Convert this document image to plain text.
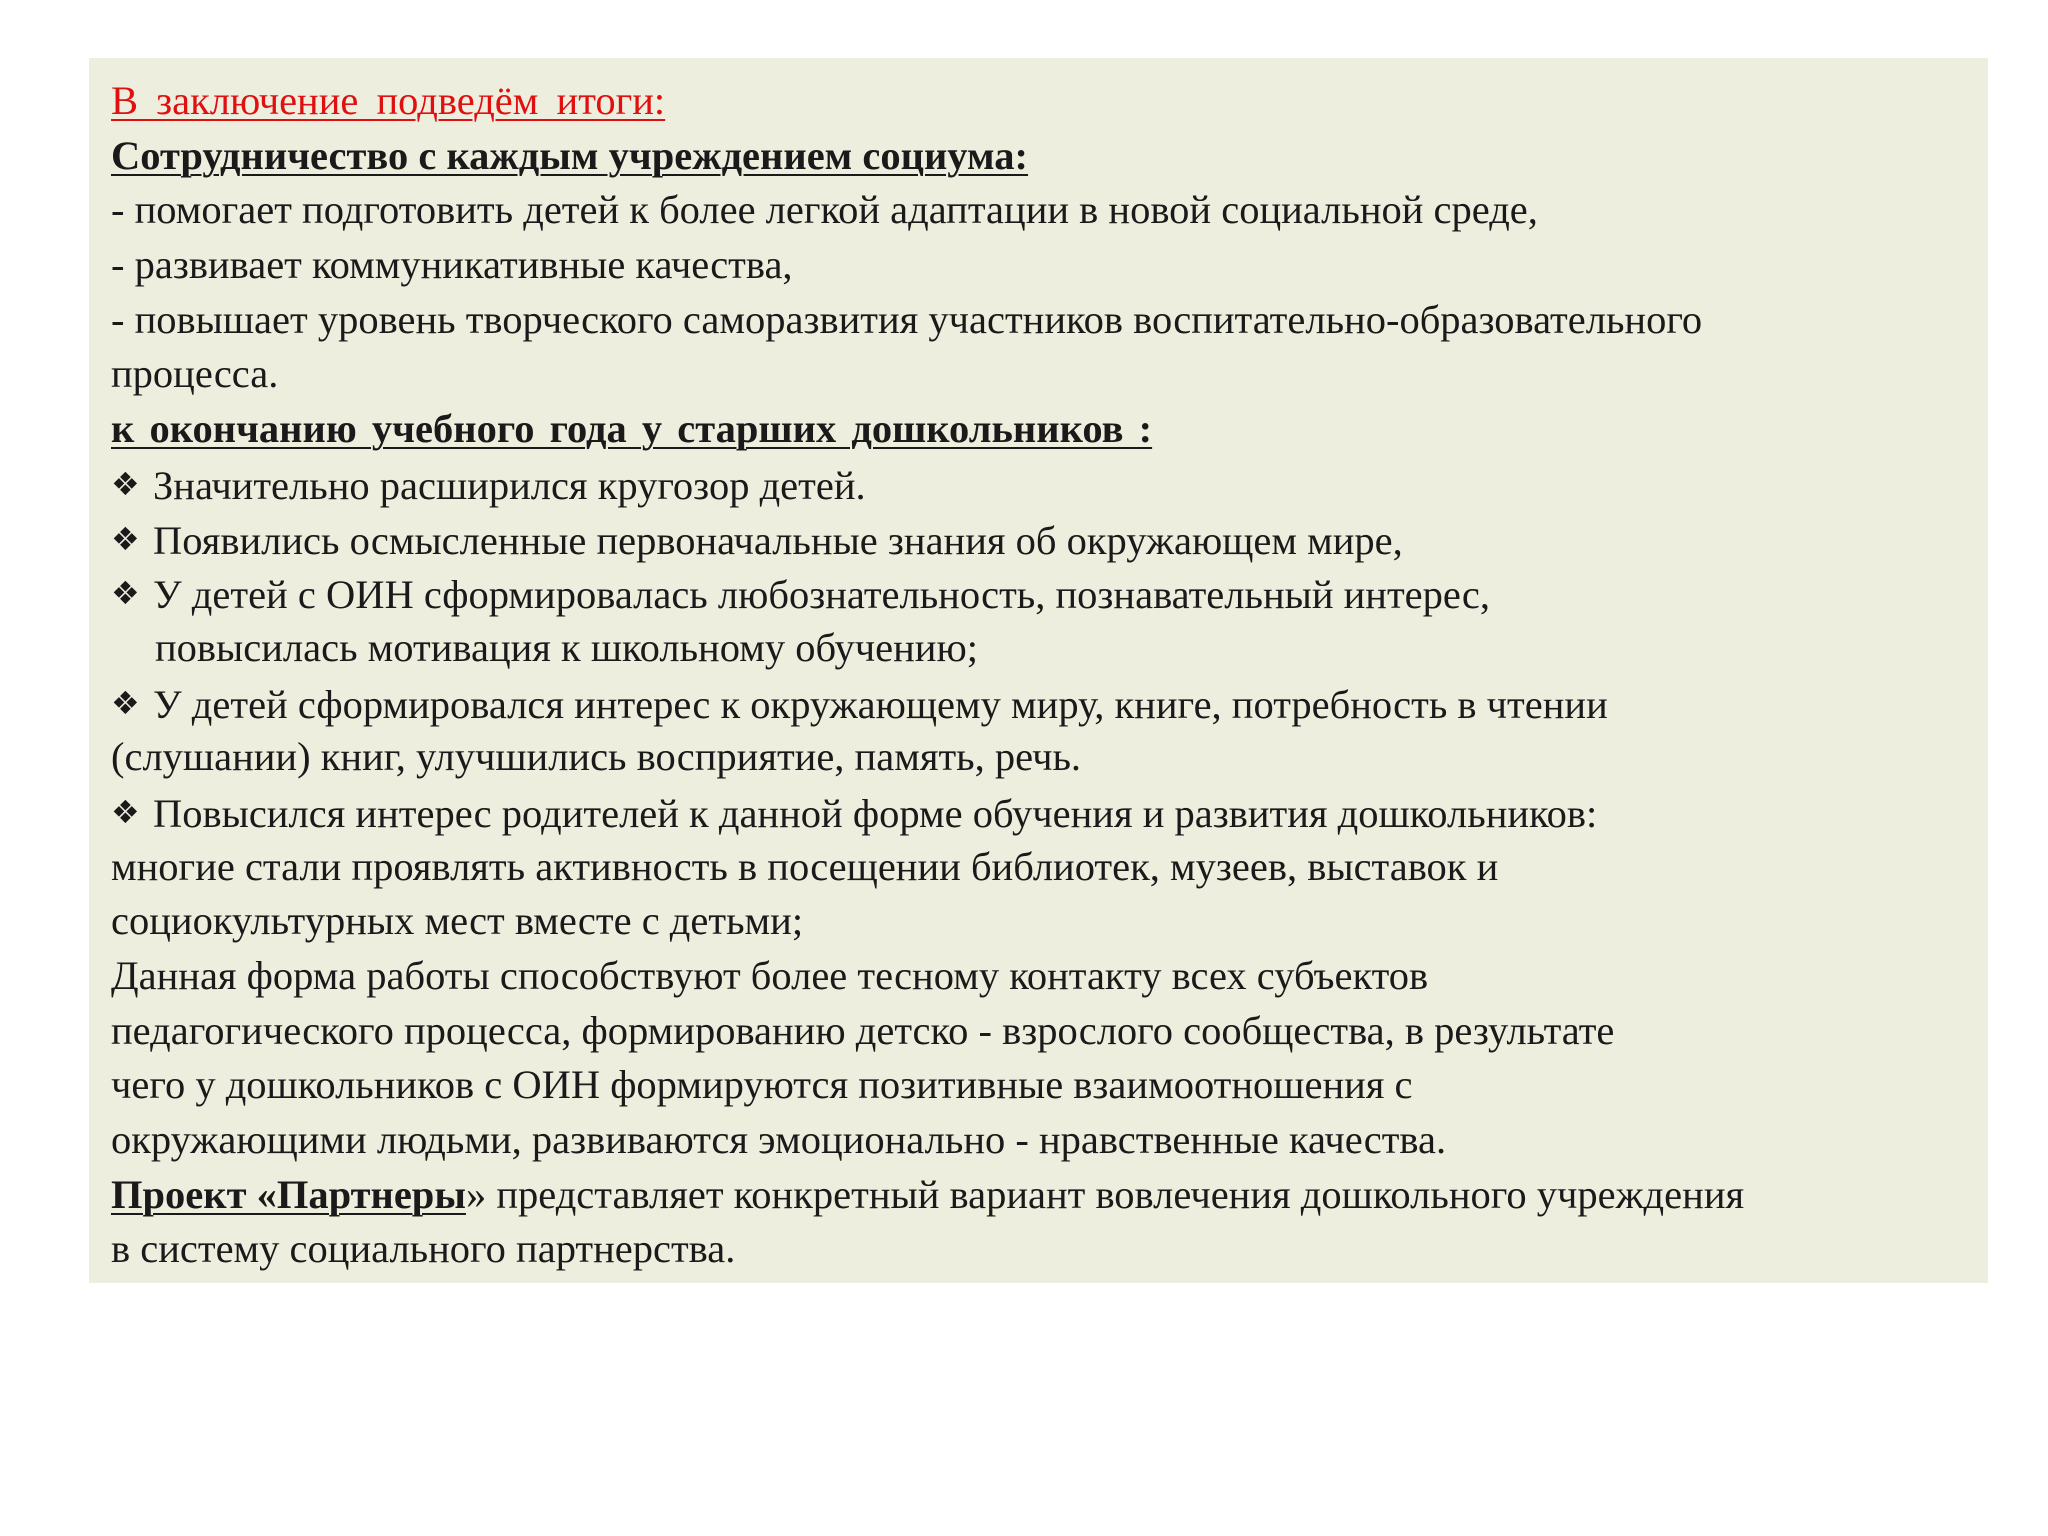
В заключение подведём итоги:
Сотрудничество с каждым учреждением социума:
- помогает подготовить детей к более легкой адаптации в новой социальной среде,
- развивает коммуникативные качества,
- повышает уровень творческого саморазвития участников воспитательно-образовательного
процесса.
к окончанию учебного года у старших дошкольников :
❖ Значительно расширился кругозор детей.
❖ Появились осмысленные первоначальные знания об окружающем мире,
❖ У детей с ОИН сформировалась любознательность, познавательный интерес,
повысилась мотивация к школьному обучению;
❖ У детей сформировался интерес к окружающему миру, книге, потребность в чтении
(слушании) книг, улучшились восприятие, память, речь.
❖ Повысился интерес родителей к данной форме обучения и развития дошкольников:
многие стали проявлять активность в посещении библиотек, музеев, выставок и
социокультурных мест вместе с детьми;
Данная форма работы способствуют более тесному контакту всех субъектов
педагогического процесса, формированию детско - взрослого сообщества, в результате
чего у дошкольников с ОИН формируются позитивные взаимоотношения с
окружающими людьми, развиваются эмоционально - нравственные качества.
Проект «Партнеры» представляет конкретный вариант вовлечения дошкольного учреждения
в систему социального партнерства.
